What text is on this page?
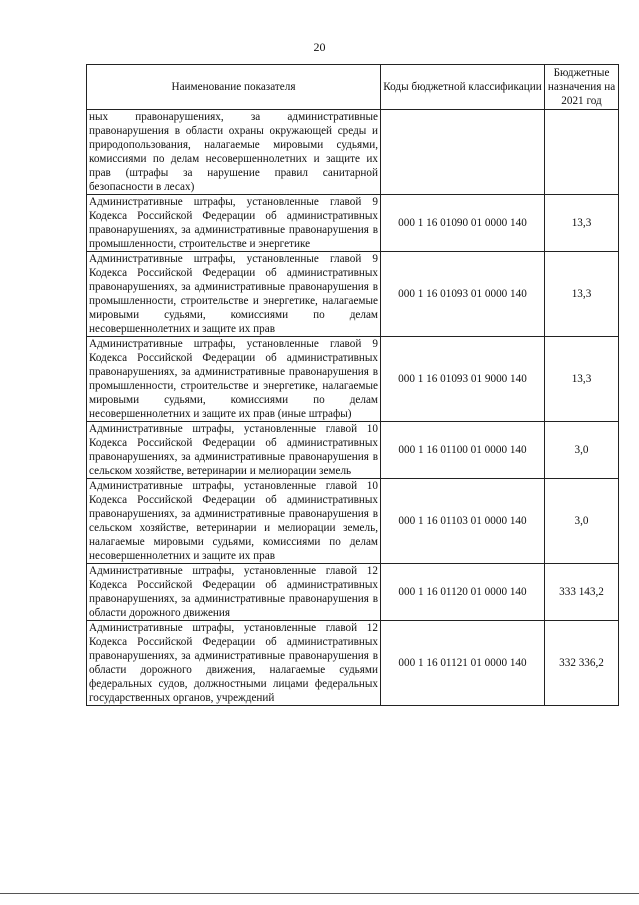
20
Наименование показателя	Коды бюджетной классификации	Бюджетные назначения на 2021 год
ных правонарушениях, за административные правонарушения в области охраны окружающей среды и природопользования, налагаемые мировыми судьями, комиссиями по делам несовершеннолетних и защите их прав (штрафы за нарушение правил санитарной безопасности в лесах)		
Административные штрафы, установленные главой 9 Кодекса Российской Федерации об административных правонарушениях, за административные правонарушения в промышленности, строительстве и энергетике	000 1 16 01090 01 0000 140	13,3
Административные штрафы, установленные главой 9 Кодекса Российской Федерации об административных правонарушениях, за административные правонарушения в промышленности, строительстве и энергетике, налагаемые мировыми судьями, комиссиями по делам несовершеннолетних и защите их прав	000 1 16 01093 01 0000 140	13,3
Административные штрафы, установленные главой 9 Кодекса Российской Федерации об административных правонарушениях, за административные правонарушения в промышленности, строительстве и энергетике, налагаемые мировыми судьями, комиссиями по делам несовершеннолетних и защите их прав (иные штрафы)	000 1 16 01093 01 9000 140	13,3
Административные штрафы, установленные главой 10 Кодекса Российской Федерации об административных правонарушениях, за административные правонарушения в сельском хозяйстве, ветеринарии и мелиорации земель	000 1 16 01100 01 0000 140	3,0
Административные штрафы, установленные главой 10 Кодекса Российской Федерации об административных правонарушениях, за административные правонарушения в сельском хозяйстве, ветеринарии и мелиорации земель, налагаемые мировыми судьями, комиссиями по делам несовершеннолетних и защите их прав	000 1 16 01103 01 0000 140	3,0
Административные штрафы, установленные главой 12 Кодекса Российской Федерации об административных правонарушениях, за административные правонарушения в области дорожного движения	000 1 16 01120 01 0000 140	333 143,2
Административные штрафы, установленные главой 12 Кодекса Российской Федерации об административных правонарушениях, за административные правонарушения в области дорожного движения, налагаемые судьями федеральных судов, должностными лицами федеральных государственных органов, учреждений	000 1 16 01121 01 0000 140	332 336,2
